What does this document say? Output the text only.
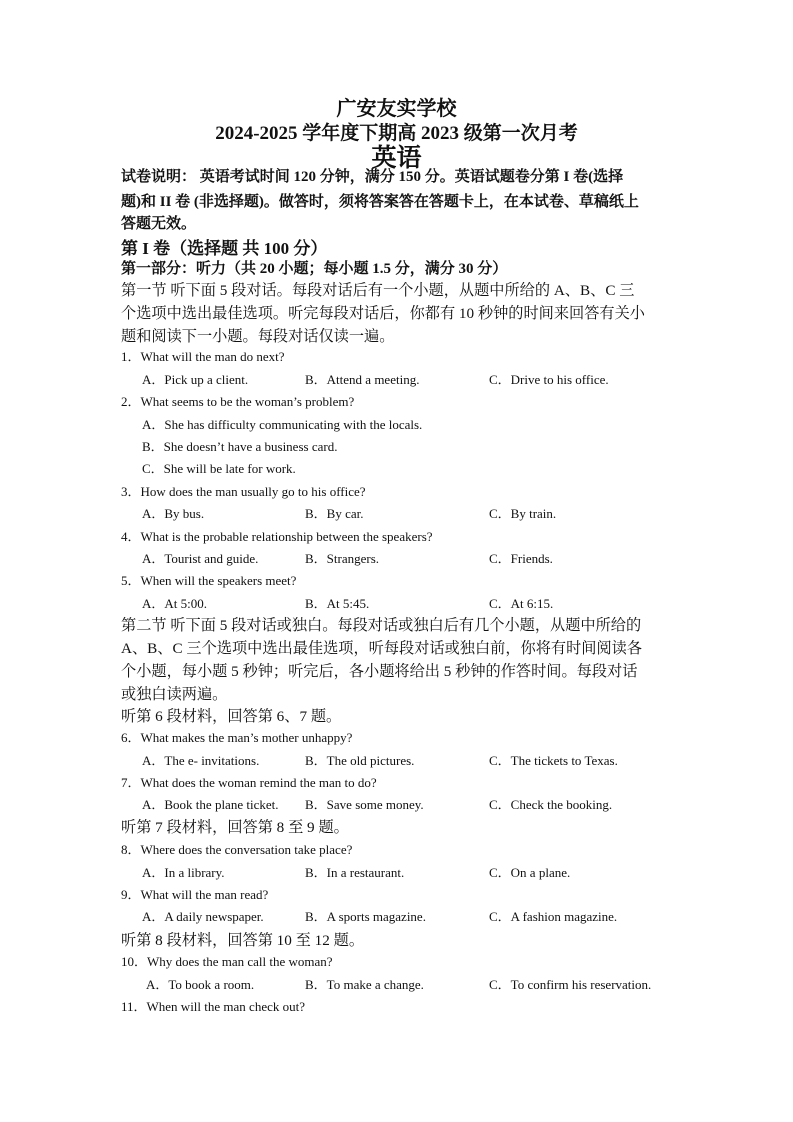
广安友实学校
2024-2025 学年度下期高 2023 级第一次月考
英语
试卷说明： 英语考试时间 120 分钟，满分 150 分。英语试题卷分第 I 卷(选择
题)和 II 卷 (非选择题)。做答时，须将答案答在答题卡上，在本试卷、草稿纸上
答题无效。
第 I 卷（选择题 共 100 分）
第一部分：听力（共 20 小题；每小题 1.5 分，满分 30 分）
第一节 听下面 5 段对话。每段对话后有一个小题，从题中所给的 A、B、C 三
个选项中选出最佳选项。听完每段对话后，你都有 10 秒钟的时间来回答有关小
题和阅读下一小题。每段对话仅读一遍。
1．What will the man do next?
A．Pick up a client.	B．Attend a meeting.	C．Drive to his office.
2．What seems to be the woman’s problem?
A．She has difficulty communicating with the locals.
B．She doesn’t have a business card.
C．She will be late for work.
3．How does the man usually go to his office?
A．By bus.	B．By car.	C．By train.
4．What is the probable relationship between the speakers?
A．Tourist and guide.	B．Strangers.	C．Friends.
5．When will the speakers meet?
A．At 5:00.	B．At 5:45.	C．At 6:15.
第二节 听下面 5 段对话或独白。每段对话或独白后有几个小题，从题中所给的
A、B、C 三个选项中选出最佳选项，听每段对话或独白前，你将有时间阅读各
个小题，每小题 5 秒钟；听完后，各小题将给出 5 秒钟的作答时间。每段对话
或独白读两遍。
听第 6 段材料，回答第 6、7 题。
6．What makes the man’s mother unhappy?
A．The e- invitations.	B．The old pictures.	C．The tickets to Texas.
7．What does the woman remind the man to do?
A．Book the plane ticket. B．Save some money.	C．Check the booking.
听第 7 段材料，回答第 8 至 9 题。
8．Where does the conversation take place?
A．In a library.	B．In a restaurant.	C．On a plane.
9．What will the man read?
A．A daily newspaper.	B．A sports magazine.	C．A fashion magazine.
听第 8 段材料，回答第 10 至 12 题。
10．Why does the man call the woman?
A．To book a room.	B．To make a change.	C．To confirm his reservation.
11．When will the man check out?
